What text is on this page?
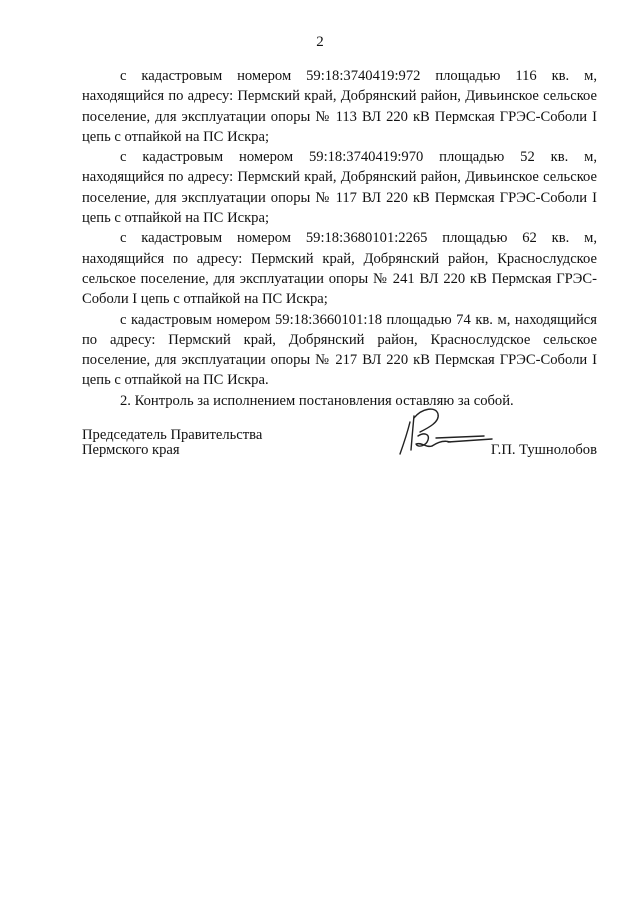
2

с кадастровым номером 59:18:3740419:972 площадью 116 кв. м, находящийся по адресу: Пермский край, Добрянский район, Дивьинское сельское поселение, для эксплуатации опоры № 113 ВЛ 220 кВ Пермская ГРЭС-Соболи I цепь с отпайкой на ПС Искра;

с кадастровым номером 59:18:3740419:970 площадью 52 кв. м, находящийся по адресу: Пермский край, Добрянский район, Дивьинское сельское поселение, для эксплуатации опоры № 117 ВЛ 220 кВ Пермская ГРЭС-Соболи I цепь с отпайкой на ПС Искра;

с кадастровым номером 59:18:3680101:2265 площадью 62 кв. м, находящийся по адресу: Пермский край, Добрянский район, Краснослудское сельское поселение, для эксплуатации опоры № 241 ВЛ 220 кВ Пермская ГРЭС-Соболи I цепь с отпайкой на ПС Искра;

с кадастровым номером 59:18:3660101:18 площадью 74 кв. м, находящийся по адресу: Пермский край, Добрянский район, Краснослудское сельское поселение, для эксплуатации опоры № 217 ВЛ 220 кВ Пермская ГРЭС-Соболи I цепь с отпайкой на ПС Искра.

2. Контроль за исполнением постановления оставляю за собой.

Председатель Правительства
Пермского края	Г.П. Тушнолобов
